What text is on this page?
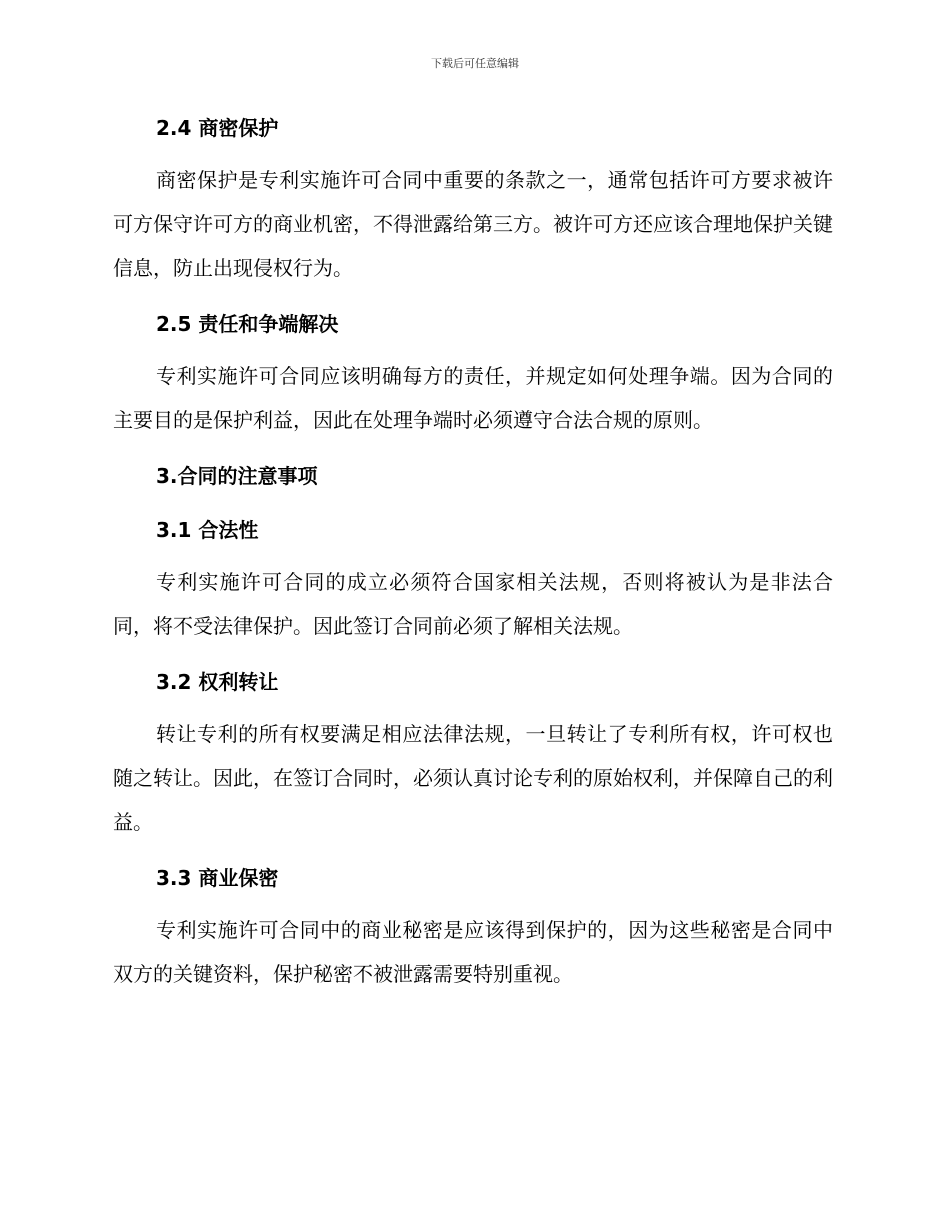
下载后可任意编辑
2.4 商密保护

商密保护是专利实施许可合同中重要的条款之一，通常包括许可方要求被许可方保守许可方的商业机密，不得泄露给第三方。被许可方还应该合理地保护关键信息，防止出现侵权行为。

2.5 责任和争端解决

专利实施许可合同应该明确每方的责任，并规定如何处理争端。因为合同的主要目的是保护利益，因此在处理争端时必须遵守合法合规的原则。

3.合同的注意事项
3.1 合法性

专利实施许可合同的成立必须符合国家相关法规，否则将被认为是非法合同，将不受法律保护。因此签订合同前必须了解相关法规。

3.2 权利转让

转让专利的所有权要满足相应法律法规，一旦转让了专利所有权，许可权也随之转让。因此，在签订合同时，必须认真讨论专利的原始权利，并保障自己的利益。

3.3 商业保密

专利实施许可合同中的商业秘密是应该得到保护的，因为这些秘密是合同中双方的关键资料，保护秘密不被泄露需要特别重视。
